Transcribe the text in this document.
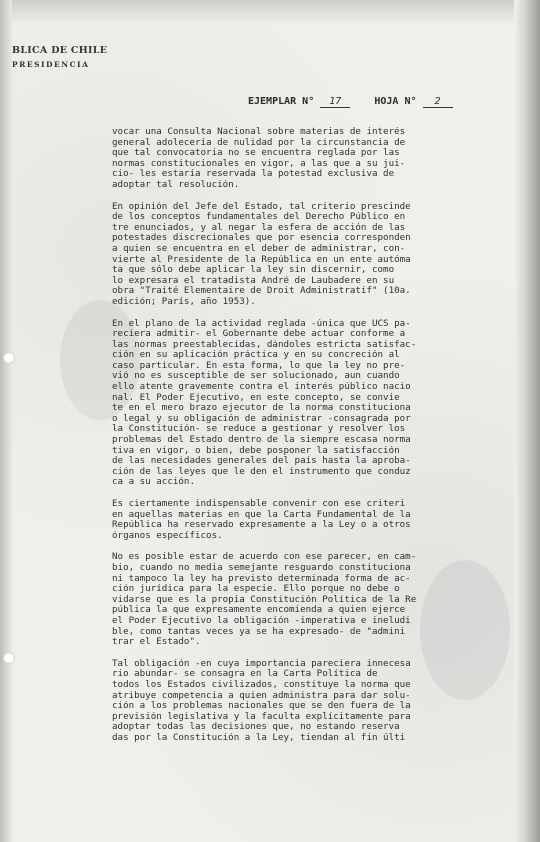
BLICA DE CHILE
PRESIDENCIA
EJEMPLAR N° 17	HOJA N° 2
vocar una Consulta Nacional sobre materias de interés
general adolecería de nulidad por la circunstancia de
que tal convocatoria no se encuentra reglada por las
normas constitucionales en vigor, a las que a su jui-
cio- les estaría reservada la potestad exclusiva de
adoptar tal resolución.
En opinión del Jefe del Estado, tal criterio prescinde
de los conceptos fundamentales del Derecho Público en
tre enunciados, y al negar la esfera de acción de las
potestades discrecionales que por esencia corresponden
a quien se encuentra en el deber de administrar, con-
vierte al Presidente de la República en un ente autóma
ta que sólo debe aplicar la ley sin discernir, como
lo expresara el tratadista André de Laubadere en su
obra "Traité Elementaire de Droit Administratif" (10a.
edición; París, año 1953).
En el plano de la actividad reglada -única que UCS pa-
reciera admitir- el Gobernante debe actuar conforme a
las normas preestablecidas, dándoles estricta satisfac-
ción en su aplicación práctica y en su concreción al
caso particular. En esta forma, lo que la ley no pre-
vió no es susceptible de ser solucionado, aun cuando
ello atente gravemente contra el interés público nacio
nal. El Poder Ejecutivo, en este concepto, se convie
te en el mero brazo ejecutor de la norma constituciona
o legal y su obligación de administrar -consagrada por
la Constitución- se reduce a gestionar y resolver los
problemas del Estado dentro de la siempre escasa norma
tiva en vigor, o bien, debe posponer la satisfacción
de las necesidades generales del país hasta la aproba-
ción de las leyes que le den el instrumento que conduz
ca a su acción.
Es ciertamente indispensable convenir con ese criteri
en aquellas materias en que la Carta Fundamental de la
República ha reservado expresamente a la Ley o a otros
órganos específicos.
No es posible estar de acuerdo con ese parecer, en cam-
bio, cuando no media semejante resguardo constituciona
ni tampoco la ley ha previsto determinada forma de ac-
ción jurídica para la especie. Ello porque no debe o
vidarse que es la propia Constitución Política de la Re
pública la que expresamente encomienda a quien ejerce
el Poder Ejecutivo la obligación -imperativa e ineludi
ble, como tantas veces ya se ha expresado- de "admini
trar el Estado".
Tal obligación -en cuya importancia pareciera innecesa
rio abundar- se consagra en la Carta Política de
todos los Estados civilizados, constituye la norma que
atribuye competencia a quien administra para dar solu-
ción a los problemas nacionales que se den fuera de la
previsión legislativa y la faculta explícitamente para
adoptar todas las decisiones que, no estando reserva
das por la Constitución a la Ley, tiendan al fin últi
